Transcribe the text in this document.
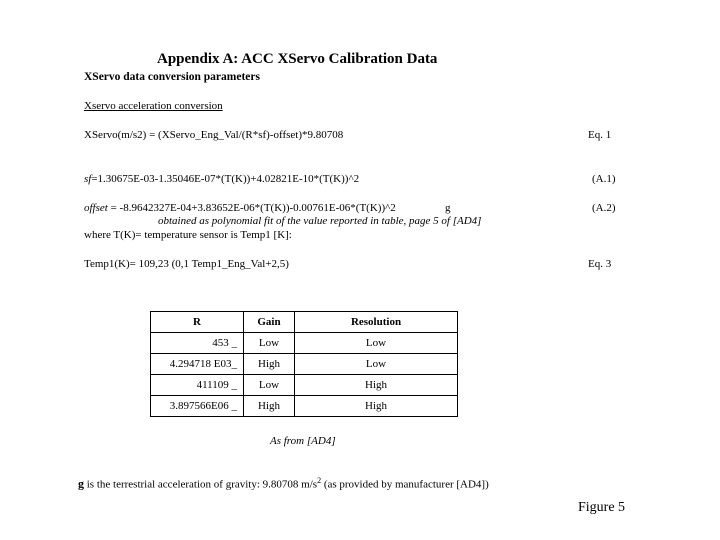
Appendix A: ACC XServo Calibration Data
XServo data conversion parameters
Xservo acceleration conversion
XServo(m/s2) = (XServo_Eng_Val/(R*sf)-offset)*9.80708	Eq. 1
sf=1.30675E-03-1.35046E-07*(T(K))+4.02821E-10*(T(K))^2	(A.1)
offset = -8.9642327E-04+3.83652E-06*(T(K))-0.00761E-06*(T(K))^2	g	(A.2)
obtained as polynomial fit of the value reported in table, page 5 of [AD4]
where T(K)= temperature sensor is Temp1 [K]:
Temp1(K)= 109,23 (0,1 Temp1_Eng_Val+2,5)	Eq. 3
R	Gain	Resolution
453 _	Low	Low
4.294718 E03_	High	Low
411109 _	Low	High
3.897566E06 _	High	High
As from [AD4]
g is the terrestrial acceleration of gravity: 9.80708 $m/s^2$ (as provided by manufacturer [AD4])
Figure 5
